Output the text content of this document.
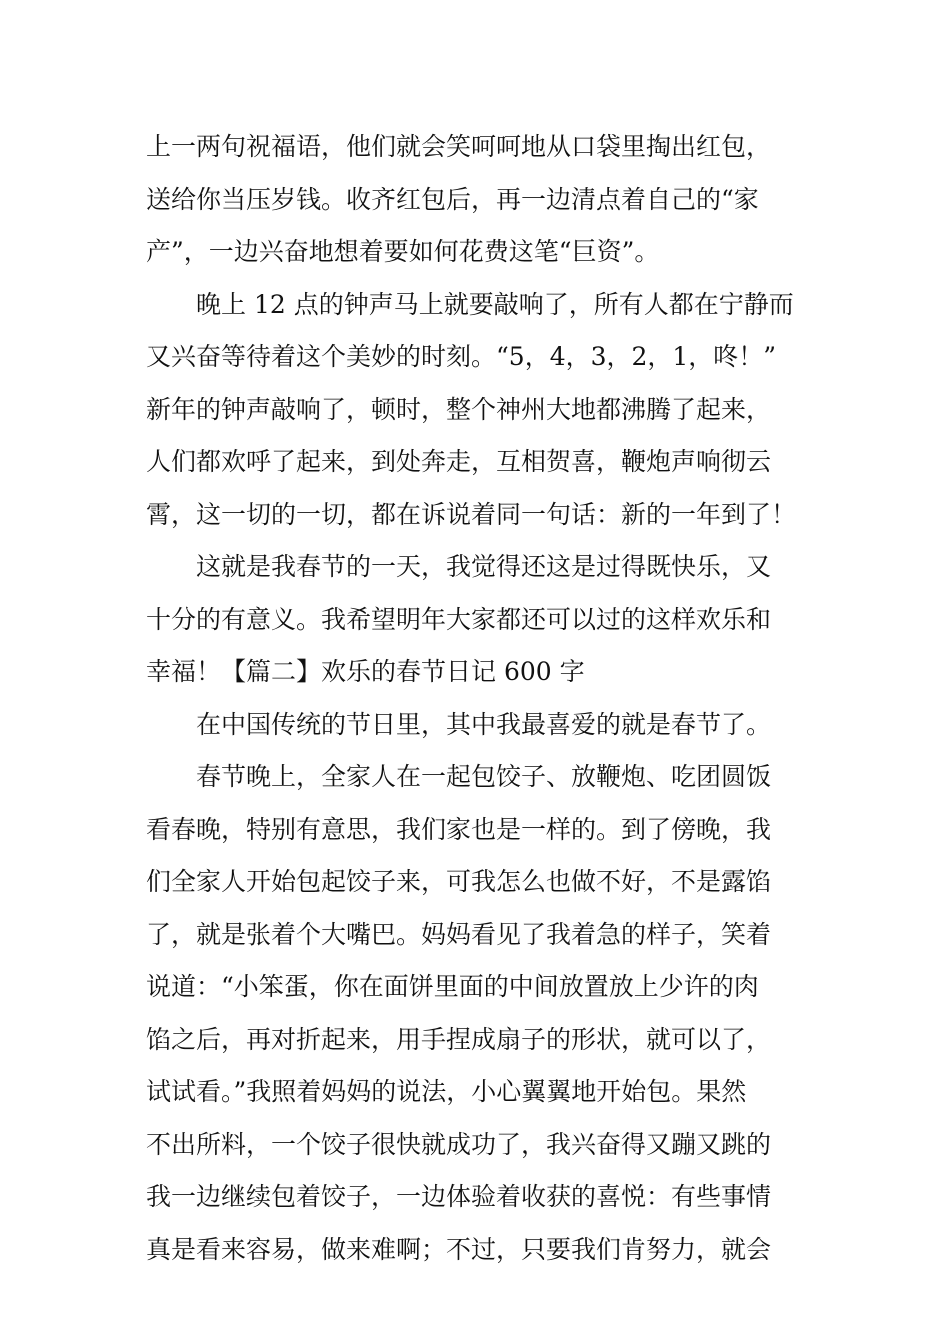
上一两句祝福语，他们就会笑呵呵地从口袋里掏出红包，
送给你当压岁钱。收齐红包后，再一边清点着自己的“家
产”，一边兴奋地想着要如何花费这笔“巨资”。
晚上 12 点的钟声马上就要敲响了，所有人都在宁静而
又兴奋等待着这个美妙的时刻。“5，4，3，2，1，咚！”
新年的钟声敲响了，顿时，整个神州大地都沸腾了起来，
人们都欢呼了起来，到处奔走，互相贺喜，鞭炮声响彻云
霄，这一切的一切，都在诉说着同一句话：新的一年到了！
这就是我春节的一天，我觉得还这是过得既快乐，又
十分的有意义。我希望明年大家都还可以过的这样欢乐和
幸福！【篇二】欢乐的春节日记 600 字
在中国传统的节日里，其中我最喜爱的就是春节了。
春节晚上，全家人在一起包饺子、放鞭炮、吃团圆饭
看春晚，特别有意思，我们家也是一样的。到了傍晚，我
们全家人开始包起饺子来，可我怎么也做不好，不是露馅
了，就是张着个大嘴巴。妈妈看见了我着急的样子，笑着
说道：“小笨蛋，你在面饼里面的中间放置放上少许的肉
馅之后，再对折起来，用手捏成扇子的形状，就可以了，
试试看。”我照着妈妈的说法，小心翼翼地开始包。果然
不出所料，一个饺子很快就成功了，我兴奋得又蹦又跳的
我一边继续包着饺子，一边体验着收获的喜悦：有些事情
真是看来容易，做来难啊；不过，只要我们肯努力，就会
